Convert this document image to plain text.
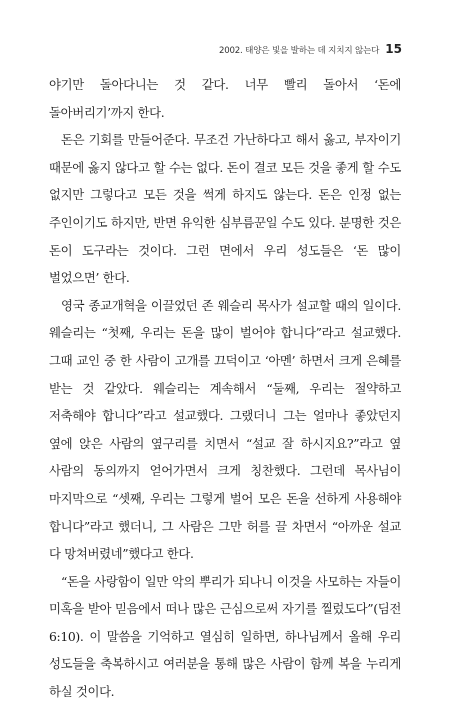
2002. 태양은 빛을 발하는 데 지치지 않는다 15

야기만 돌아다니는 것 같다. 너무 빨리 돌아서 ‘돈에 돌아버리기’까지 한다.

돈은 기회를 만들어준다. 무조건 가난하다고 해서 옳고, 부자이기 때문에 옳지 않다고 할 수는 없다. 돈이 결코 모든 것을 좋게 할 수도 없지만 그렇다고 모든 것을 썩게 하지도 않는다. 돈은 인정 없는 주인이기도 하지만, 반면 유익한 심부름꾼일 수도 있다. 분명한 것은 돈이 도구라는 것이다. 그런 면에서 우리 성도들은 ‘돈 많이 벌었으면’ 한다.

영국 종교개혁을 이끌었던 존 웨슬리 목사가 설교할 때의 일이다. 웨슬리는 “첫째, 우리는 돈을 많이 벌어야 합니다”라고 설교했다. 그때 교인 중 한 사람이 고개를 끄덕이고 ‘아멘’ 하면서 크게 은혜를 받는 것 같았다. 웨슬리는 계속해서 “둘째, 우리는 절약하고 저축해야 합니다”라고 설교했다. 그랬더니 그는 얼마나 좋았던지 옆에 앉은 사람의 옆구리를 치면서 “설교 잘 하시지요?”라고 옆 사람의 동의까지 얻어가면서 크게 칭찬했다. 그런데 목사님이 마지막으로 “셋째, 우리는 그렇게 벌어 모은 돈을 선하게 사용해야 합니다”라고 했더니, 그 사람은 그만 허를 끌 차면서 “아까운 설교 다 망쳐버렸네”했다고 한다.

“돈을 사랑함이 일만 악의 뿌리가 되나니 이것을 사모하는 자들이 미혹을 받아 믿음에서 떠나 많은 근심으로써 자기를 찔렀도다”(딤전 6:10). 이 말씀을 기억하고 열심히 일하면, 하나님께서 올해 우리 성도들을 축복하시고 여러분을 통해 많은 사람이 함께 복을 누리게 하실 것이다.
